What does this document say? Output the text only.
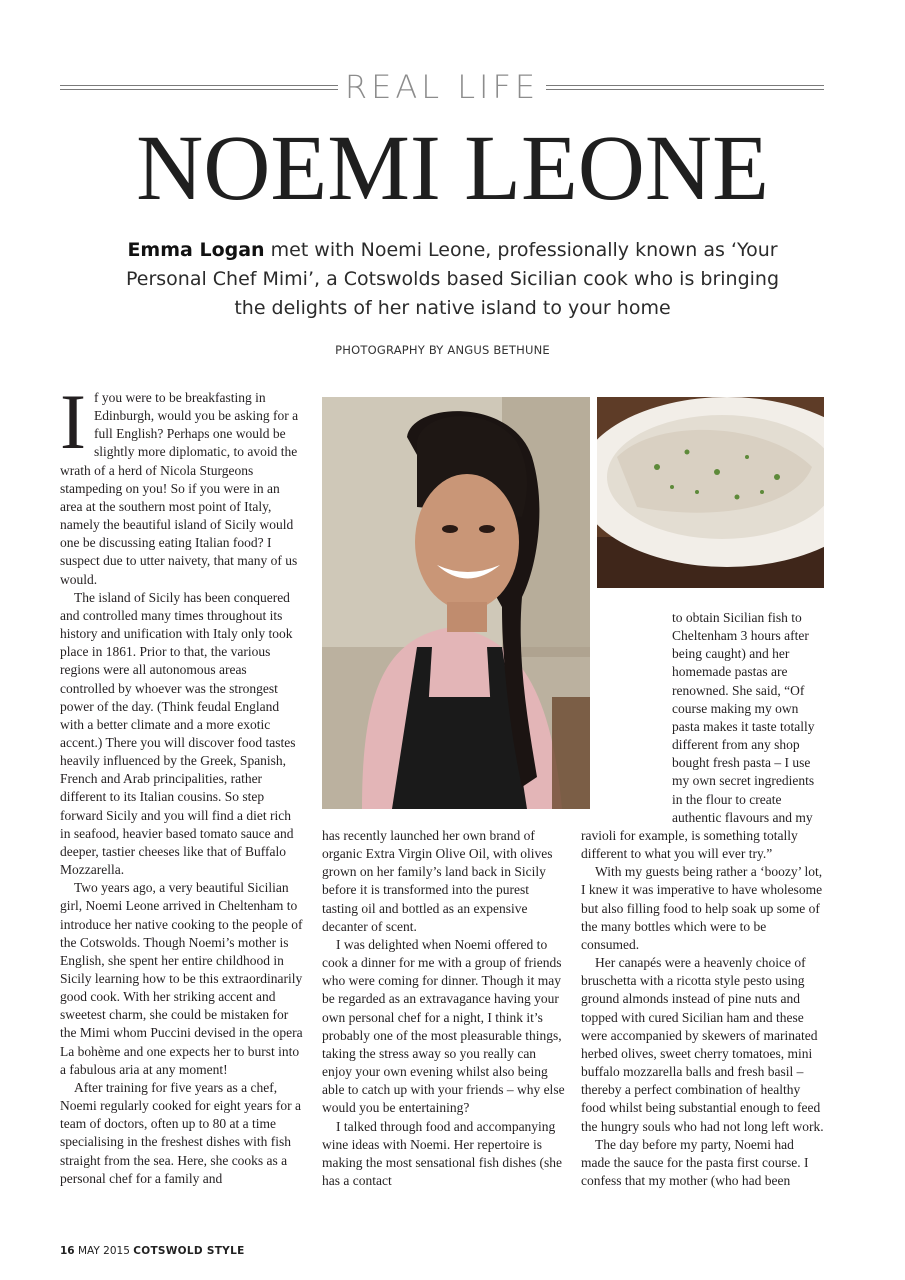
REAL LIFE
NOEMI LEONE
Emma Logan met with Noemi Leone, professionally known as ‘Your Personal Chef Mimi’, a Cotswolds based Sicilian cook who is bringing the delights of her native island to your home
PHOTOGRAPHY BY ANGUS BETHUNE

If you were to be breakfasting in Edinburgh, would you be asking for a full English? Perhaps one would be slightly more diplomatic, to avoid the wrath of a herd of Nicola Sturgeons stampeding on you! So if you were in an area at the southern most point of Italy, namely the beautiful island of Sicily would one be discussing eating Italian food? I suspect due to utter naivety, that many of us would.

The island of Sicily has been conquered and controlled many times throughout its history and unification with Italy only took place in 1861. Prior to that, the various regions were all autonomous areas controlled by whoever was the strongest power of the day. (Think feudal England with a better climate and a more exotic accent.) There you will discover food tastes heavily influenced by the Greek, Spanish, French and Arab principalities, rather different to its Italian cousins. So step forward Sicily and you will find a diet rich in seafood, heavier based tomato sauce and deeper, tastier cheeses like that of Buffalo Mozzarella.

Two years ago, a very beautiful Sicilian girl, Noemi Leone arrived in Cheltenham to introduce her native cooking to the people of the Cotswolds. Though Noemi’s mother is English, she spent her entire childhood in Sicily learning how to be this extraordinarily good cook. With her striking accent and sweetest charm, she could be mistaken for the Mimi whom Puccini devised in the opera La bohème and one expects her to burst into a fabulous aria at any moment!

After training for five years as a chef, Noemi regularly cooked for eight years for a team of doctors, often up to 80 at a time specialising in the freshest dishes with fish straight from the sea. Here, she cooks as a personal chef for a family and

to obtain Sicilian fish to Cheltenham 3 hours after being caught) and her homemade pastas are renowned. She said, “Of course making my own pasta makes it taste totally different from any shop bought fresh pasta – I use my own secret ingredients in the flour to create authentic flavours and my

has recently launched her own brand of organic Extra Virgin Olive Oil, with olives grown on her family’s land back in Sicily before it is transformed into the purest tasting oil and bottled as an expensive decanter of scent.

I was delighted when Noemi offered to cook a dinner for me with a group of friends who were coming for dinner. Though it may be regarded as an extravagance having your own personal chef for a night, I think it’s probably one of the most pleasurable things, taking the stress away so you really can enjoy your own evening whilst also being able to catch up with your friends – why else would you be entertaining?

I talked through food and accompanying wine ideas with Noemi. Her repertoire is making the most sensational fish dishes (she has a contact

ravioli for example, is something totally different to what you will ever try.”

With my guests being rather a ‘boozy’ lot, I knew it was imperative to have wholesome but also filling food to help soak up some of the many bottles which were to be consumed.

Her canapés were a heavenly choice of bruschetta with a ricotta style pesto using ground almonds instead of pine nuts and topped with cured Sicilian ham and these were accompanied by skewers of marinated herbed olives, sweet cherry tomatoes, mini buffalo mozzarella balls and fresh basil – thereby a perfect combination of healthy food whilst being substantial enough to feed the hungry souls who had not long left work.

The day before my party, Noemi had made the sauce for the pasta first course. I confess that my mother (who had been

16 MAY 2015 COTSWOLD STYLE
